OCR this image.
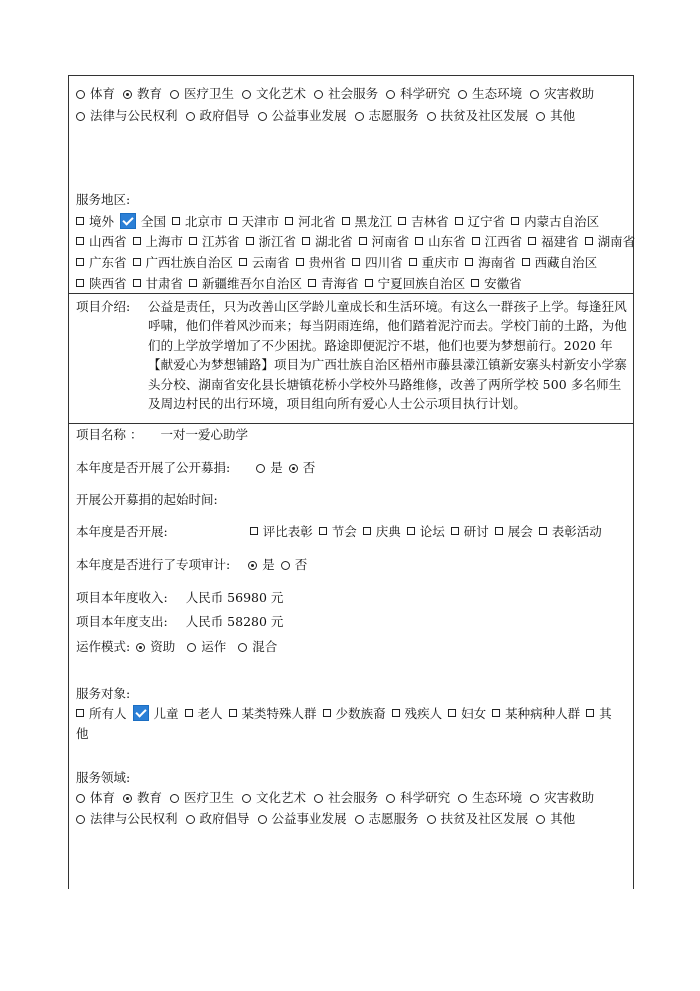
体育 教育 医疗卫生 文化艺术 社会服务 科学研究 生态环境 灾害救助
法律与公民权利 政府倡导 公益事业发展 志愿服务 扶贫及社区发展 其他
服务地区:
境外 全国 北京市 天津市 河北省 黑龙江 吉林省 辽宁省 内蒙古自治区
山西省 上海市 江苏省 浙江省 湖北省 河南省 山东省 江西省 福建省 湖南省
广东省 广西壮族自治区 云南省 贵州省 四川省 重庆市 海南省 西藏自治区
陕西省 甘肃省 新疆维吾尔自治区 青海省 宁夏回族自治区 安徽省
项目介绍: 公益是责任，只为改善山区学龄儿童成长和生活环境。有这么一群孩子上学。每逢狂风呼啸，他们伴着风沙而来；每当阴雨连绵，他们踏着泥泞而去。学校门前的土路，为他们的上学放学增加了不少困扰。路途即便泥泞不堪，他们也要为梦想前行。2020 年 【献爱心为梦想铺路】项目为广西壮族自治区梧州市藤县濛江镇新安寨头村新安小学寨头分校、湖南省安化县长塘镇花桥小学校外马路维修，改善了两所学校 500 多名师生及周边村民的出行环境，项目组向所有爱心人士公示项目执行计划。
项目名称 ： 一对一爱心助学
本年度是否开展了公开募捐:	是 否
开展公开募捐的起始时间:
本年度是否开展:	评比表彰 节会 庆典 论坛 研讨 展会 表彰活动
本年度是否进行了专项审计:	是 否
项目本年度收入: 人民币 56980 元
项目本年度支出: 人民币 58280 元
运作模式: 资助 运作 混合
服务对象:
所有人 儿童 老人 某类特殊人群 少数族裔 残疾人 妇女 某种病种人群 其
他
服务领域:
体育 教育 医疗卫生 文化艺术 社会服务 科学研究 生态环境 灾害救助
法律与公民权利 政府倡导 公益事业发展 志愿服务 扶贫及社区发展 其他
